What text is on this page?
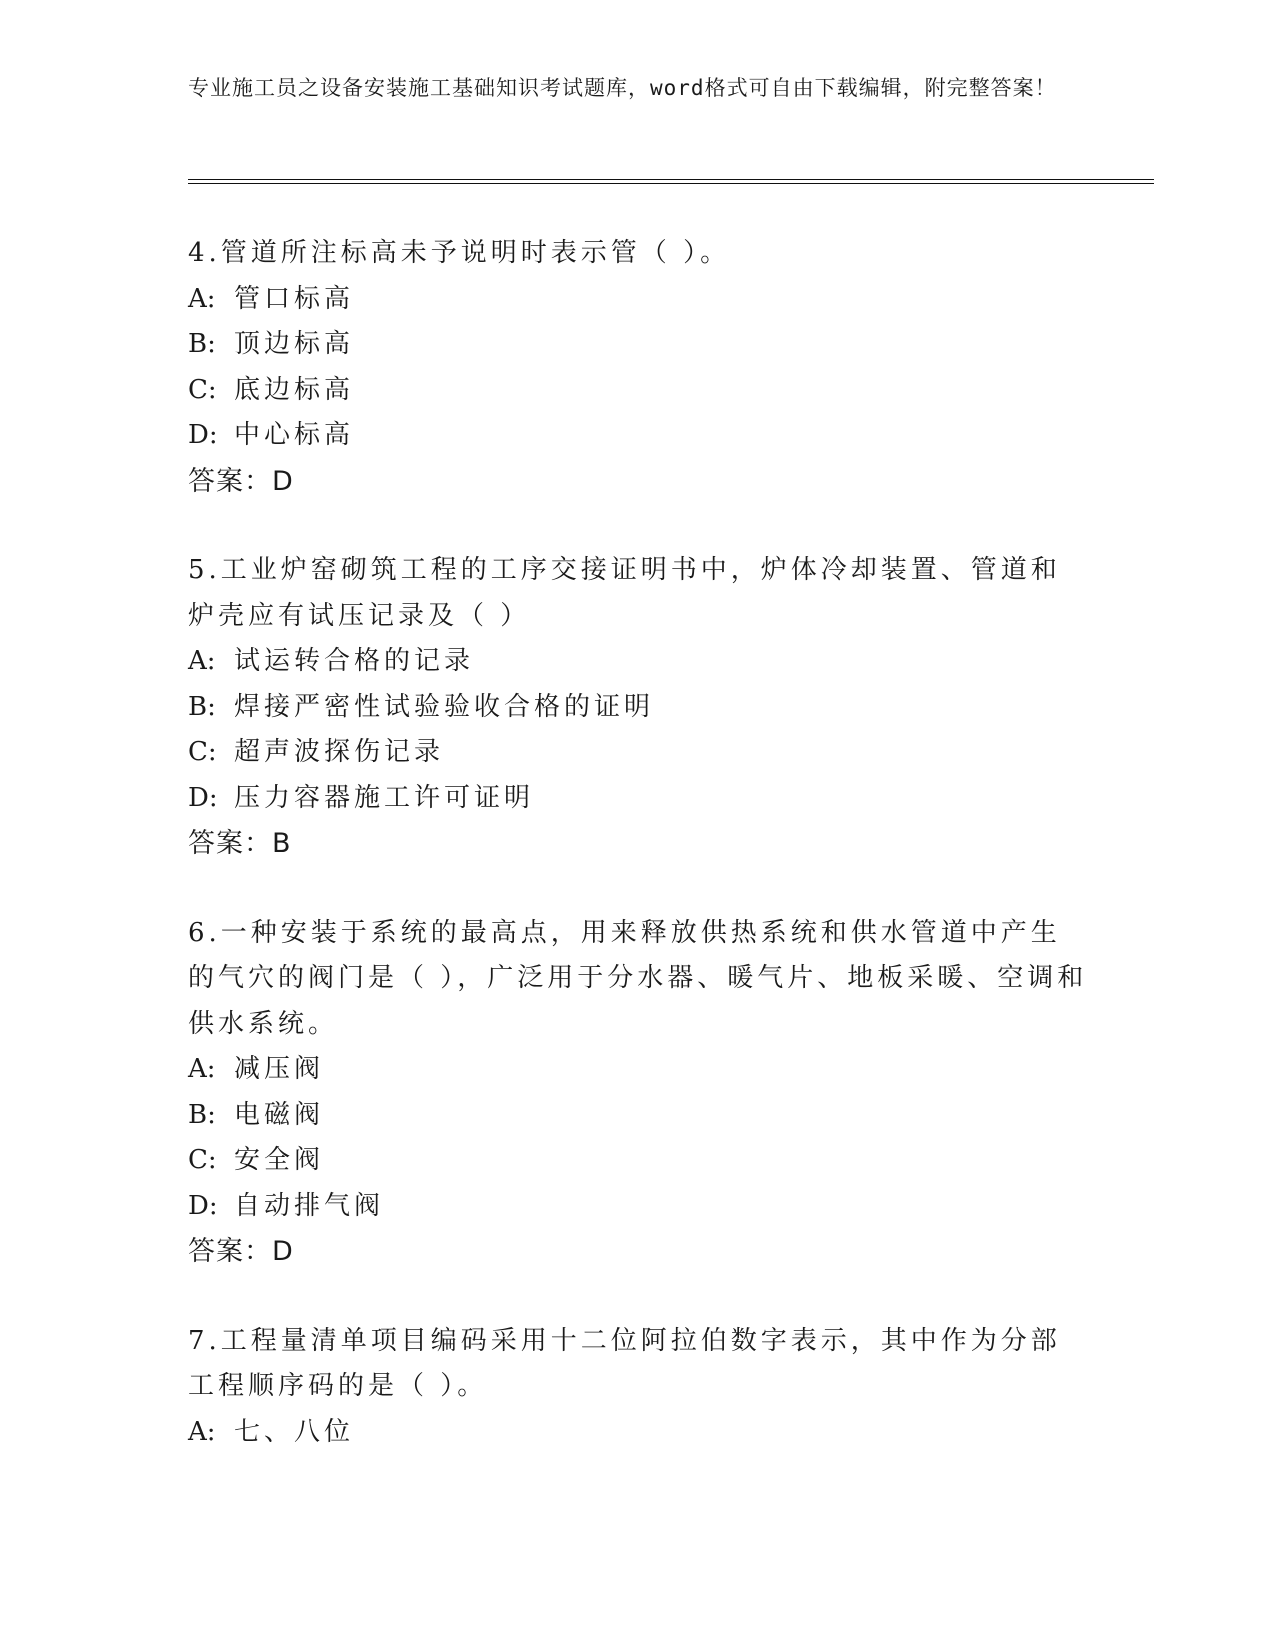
专业施工员之设备安装施工基础知识考试题库，word格式可自由下载编辑，附完整答案！
4.管道所注标高未予说明时表示管（ ）。
A: 管口标高
B: 顶边标高
C: 底边标高
D: 中心标高
答案：D
5.工业炉窑砌筑工程的工序交接证明书中，炉体冷却装置、管道和炉壳应有试压记录及（ ）
A: 试运转合格的记录
B: 焊接严密性试验验收合格的证明
C: 超声波探伤记录
D: 压力容器施工许可证明
答案：B
6.一种安装于系统的最高点，用来释放供热系统和供水管道中产生的气穴的阀门是（ ），广泛用于分水器、暖气片、地板采暖、空调和供水系统。
A: 减压阀
B: 电磁阀
C: 安全阀
D: 自动排气阀
答案：D
7.工程量清单项目编码采用十二位阿拉伯数字表示，其中作为分部工程顺序码的是（ ）。
A: 七、八位
